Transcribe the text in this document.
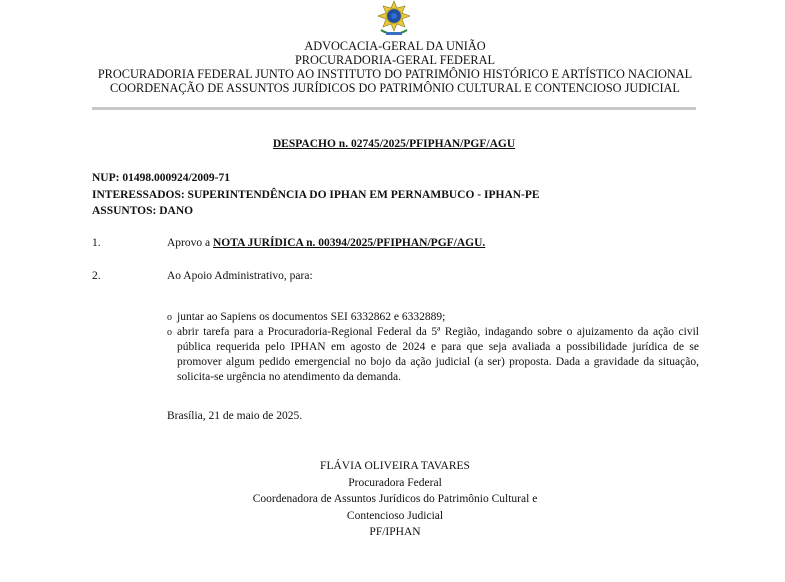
ADVOCACIA-GERAL DA UNIÃO
PROCURADORIA-GERAL FEDERAL
PROCURADORIA FEDERAL JUNTO AO INSTITUTO DO PATRIMÔNIO HISTÓRICO E ARTÍSTICO NACIONAL
COORDENAÇÃO DE ASSUNTOS JURÍDICOS DO PATRIMÔNIO CULTURAL E CONTENCIOSO JUDICIAL
DESPACHO n. 02745/2025/PFIPHAN/PGF/AGU
NUP: 01498.000924/2009-71
INTERESSADOS: SUPERINTENDÊNCIA DO IPHAN EM PERNAMBUCO - IPHAN-PE
ASSUNTOS: DANO
1.	Aprovo a NOTA JURÍDICA n. 00394/2025/PFIPHAN/PGF/AGU.
2.	Ao Apoio Administrativo, para:
o juntar ao Sapiens os documentos SEI 6332862 e 6332889;
o abrir tarefa para a Procuradoria-Regional Federal da 5ª Região, indagando sobre o ajuizamento da ação civil pública requerida pelo IPHAN em agosto de 2024 e para que seja avaliada a possibilidade jurídica de se promover algum pedido emergencial no bojo da ação judicial (a ser) proposta. Dada a gravidade da situação, solicita-se urgência no atendimento da demanda.
Brasília, 21 de maio de 2025.
FLÁVIA OLIVEIRA TAVARES
Procuradora Federal
Coordenadora de Assuntos Jurídicos do Patrimônio Cultural e
Contencioso Judicial
PF/IPHAN
